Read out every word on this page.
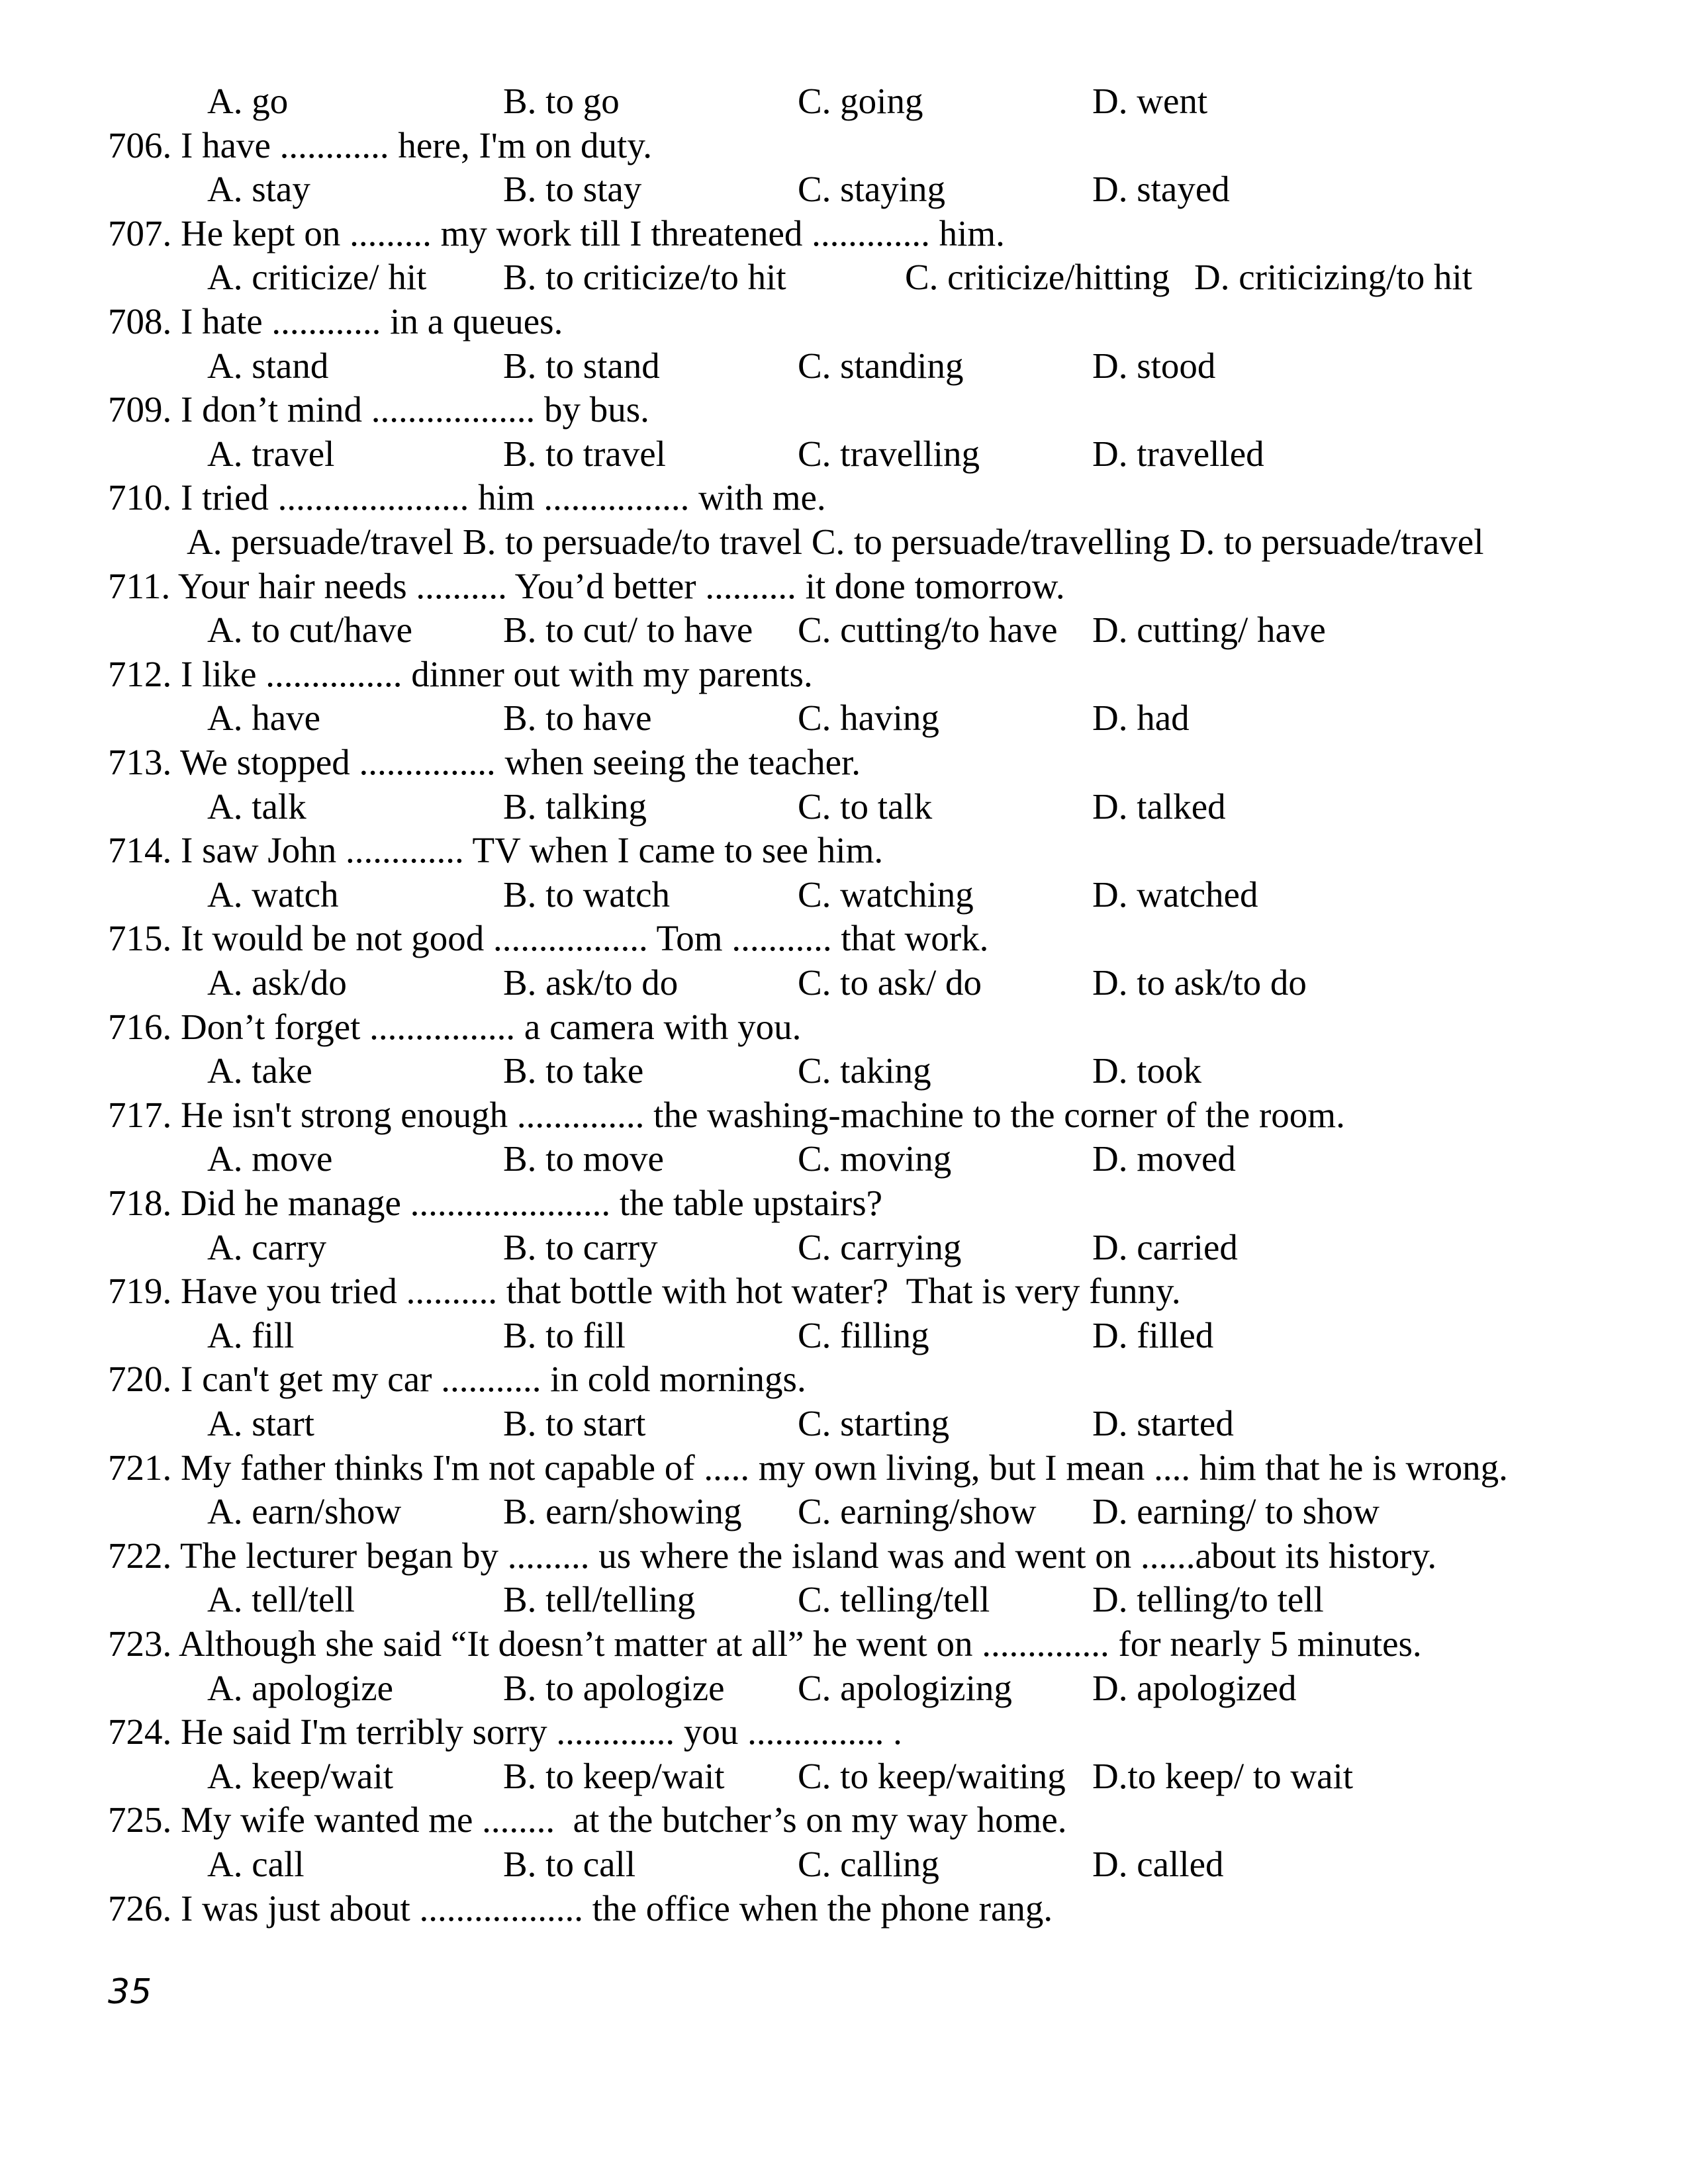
A. go	B. to go	C. going	D. went
706. I have ............ here, I'm on duty.
A. stay	B. to stay	C. staying	D. stayed
707. He kept on ......... my work till I threatened ............. him.
A. criticize/ hit B. to criticize/to hit	C. criticize/hitting D. criticizing/to hit
708. I hate ............ in a queues.
A. stand	B. to stand	C. standing	D. stood
709. I don’t mind .................. by bus.
A. travel	B. to travel	C. travelling	D. travelled
710. I tried ..................... him ................ with me.
A. persuade/travel B. to persuade/to travel C. to persuade/travelling D. to persuade/travel
711. Your hair needs .......... You’d better .......... it done tomorrow.
A. to cut/have B. to cut/ to have C. cutting/to have D. cutting/ have
712. I like ............... dinner out with my parents.
A. have	B. to have	C. having	D. had
713. We stopped ............... when seeing the teacher.
A. talk	B. talking	C. to talk	D. talked
714. I saw John ............. TV when I came to see him.
A. watch	B. to watch	C. watching	D. watched
715. It would be not good ................. Tom ........... that work.
A. ask/do	B. ask/to do	C. to ask/ do	D. to ask/to do
716. Don’t forget ................ a camera with you.
A. take	B. to take	C. taking	D. took
717. He isn't strong enough .............. the washing-machine to the corner of the room.
A. move	B. to move	C. moving	D. moved
718. Did he manage ...................... the table upstairs?
A. carry	B. to carry	C. carrying	D. carried
719. Have you tried .......... that bottle with hot water?  That is very funny.
A. fill	B. to fill	C. filling	D. filled
720. I can't get my car ........... in cold mornings.
A. start	B. to start	C. starting	D. started
721. My father thinks I'm not capable of ..... my own living, but I mean .... him that he is wrong.
A. earn/show	B. earn/showing C. earning/show D. earning/ to show
722. The lecturer began by ......... us where the island was and went on ......about its history.
A. tell/tell	B. tell/telling	C. telling/tell	D. telling/to tell
723. Although she said “It doesn’t matter at all” he went on .............. for nearly 5 minutes.
A. apologize	B. to apologize C. apologizing D. apologized
724. He said I'm terribly sorry ............. you ............... .
A. keep/wait	B. to keep/wait C. to keep/waiting D.to keep/ to wait
725. My wife wanted me ........  at the butcher’s on my way home.
A. call	B. to call	C. calling	D. called
726. I was just about .................. the office when the phone rang.
35
